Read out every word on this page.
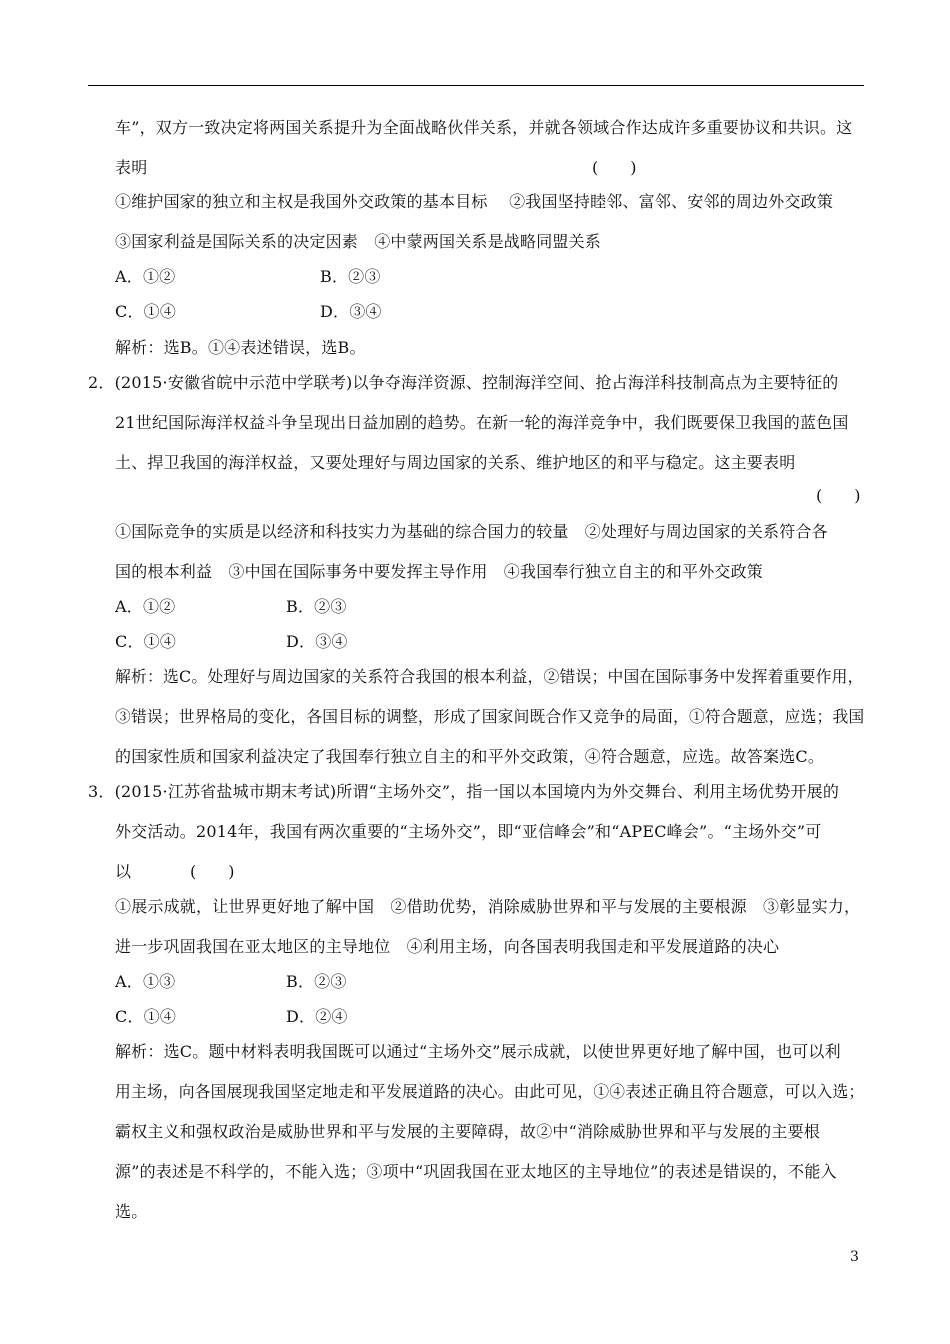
车”，双方一致决定将两国关系提升为全面战略伙伴关系，并就各领域合作达成许多重要协议和共识。这
表明	(　　)
①维护国家的独立和主权是我国外交政策的基本目标　 ②我国坚持睦邻、富邻、安邻的周边外交政策
③国家利益是国际关系的决定因素　④中蒙两国关系是战略同盟关系
A．①②	B．②③
C．①④	D．③④
解析：选B。①④表述错误，选B。
2．(2015·安徽省皖中示范中学联考)以争夺海洋资源、控制海洋空间、抢占海洋科技制高点为主要特征的
21世纪国际海洋权益斗争呈现出日益加剧的趋势。在新一轮的海洋竞争中，我们既要保卫我国的蓝色国
土、捍卫我国的海洋权益，又要处理好与周边国家的关系、维护地区的和平与稳定。这主要表明
(　　)
①国际竞争的实质是以经济和科技实力为基础的综合国力的较量　②处理好与周边国家的关系符合各
国的根本利益　③中国在国际事务中要发挥主导作用　④我国奉行独立自主的和平外交政策
A．①②	B．②③
C．①④	D．③④
解析：选C。处理好与周边国家的关系符合我国的根本利益，②错误；中国在国际事务中发挥着重要作用，
③错误；世界格局的变化，各国目标的调整，形成了国家间既合作又竞争的局面，①符合题意，应选；我国
的国家性质和国家利益决定了我国奉行独立自主的和平外交政策，④符合题意，应选。故答案选C。
3．(2015·江苏省盐城市期末考试)所谓“主场外交”，指一国以本国境内为外交舞台、利用主场优势开展的
外交活动。2014年，我国有两次重要的“主场外交”，即“亚信峰会”和“APEC峰会”。“主场外交”可
以	(　　)
①展示成就，让世界更好地了解中国　②借助优势，消除威胁世界和平与发展的主要根源　③彰显实力，
进一步巩固我国在亚太地区的主导地位　④利用主场，向各国表明我国走和平发展道路的决心
A．①③	B．②③
C．①④	D．②④
解析：选C。题中材料表明我国既可以通过“主场外交”展示成就，以使世界更好地了解中国，也可以利
用主场，向各国展现我国坚定地走和平发展道路的决心。由此可见，①④表述正确且符合题意，可以入选；
霸权主义和强权政治是威胁世界和平与发展的主要障碍，故②中“消除威胁世界和平与发展的主要根
源”的表述是不科学的，不能入选；③项中“巩固我国在亚太地区的主导地位”的表述是错误的，不能入
选。
3
